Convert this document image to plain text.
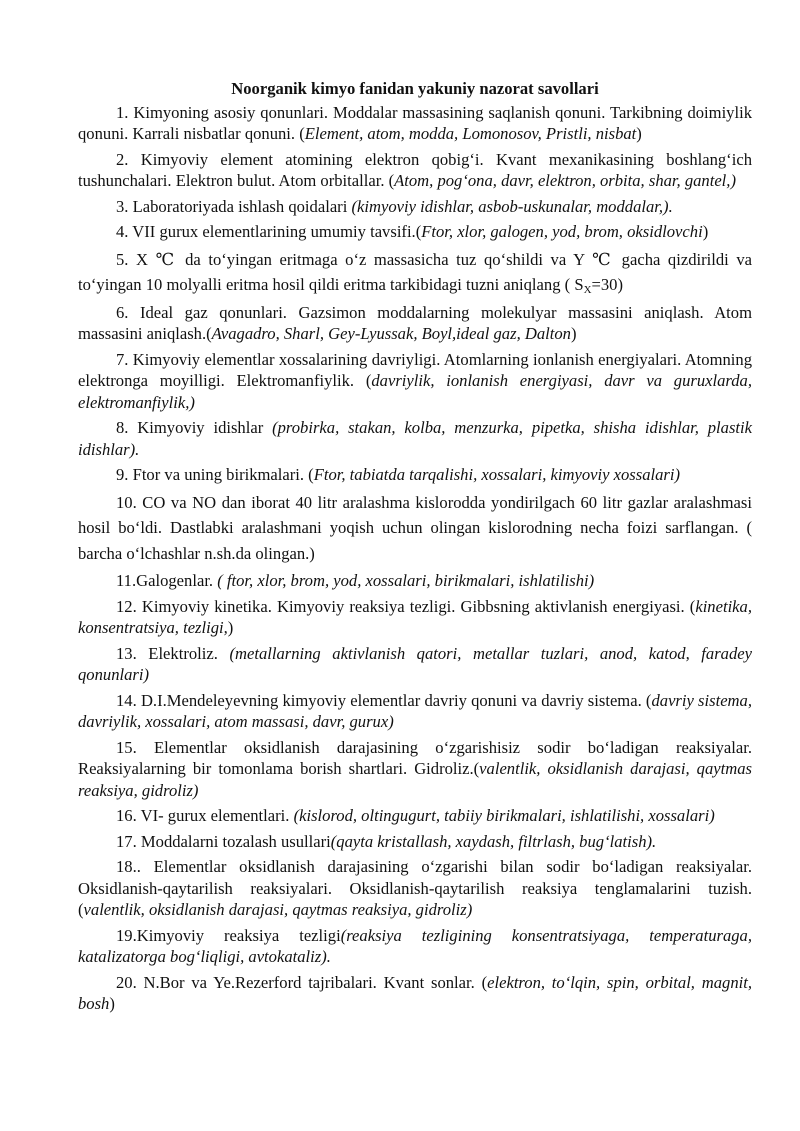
Noorganik kimyo fanidan yakuniy nazorat savollari

1. Kimyoning asosiy qonunlari. Moddalar massasining saqlanish qonuni. Tarkibning doimiylik qonuni. Karrali nisbatlar qonuni. (Element, atom, modda, Lomonosov, Pristli, nisbat)

2. Kimyoviy element atomining elektron qobig‘i. Kvant mexanikasining boshlang‘ich tushunchalari. Elektron bulut. Atom orbitallar. (Atom, pog‘ona, davr, elektron, orbita, shar, gantel,)

3. Laboratoriyada ishlash qoidalari (kimyoviy idishlar, asbob-uskunalar, moddalar,).

4. VII gurux elementlarining umumiy tavsifi.(Ftor, xlor, galogen, yod, brom, oksidlovchi)

5. X ℃ da to‘yingan eritmaga o‘z massasicha tuz qo‘shildi va Y ℃ gacha qizdirildi va to‘yingan 10 molyalli eritma hosil qildi eritma tarkibidagi tuzni aniqlang ( $S_X=30$)

6. Ideal gaz qonunlari. Gazsimon moddalarning molekulyar massasini aniqlash. Atom massasini aniqlash.(Avagadro, Sharl, Gey-Lyussak, Boyl,ideal gaz, Dalton)

7. Kimyoviy elementlar xossalarining davriyligi. Atomlarning ionlanish energiyalari. Atomning elektronga moyilligi. Elektromanfiylik. (davriylik, ionlanish energiyasi, davr va guruxlarda, elektromanfiylik,)

8. Kimyoviy idishlar (probirka, stakan, kolba, menzurka, pipetka, shisha idishlar, plastik idishlar).

9. Ftor va uning birikmalari. (Ftor, tabiatda tarqalishi, xossalari, kimyoviy xossalari)

10. CO va NO dan iborat 40 litr aralashma kislorodda yondirilgach 60 litr gazlar aralashmasi hosil bo‘ldi. Dastlabki aralashmani yoqish uchun olingan kislorodning necha foizi sarflangan. ( barcha o‘lchashlar n.sh.da olingan.)

11.Galogenlar. ( ftor, xlor, brom, yod, xossalari, birikmalari, ishlatilishi)

12. Kimyoviy kinetika. Kimyoviy reaksiya tezligi. Gibbsning aktivlanish energiyasi. (kinetika, konsentratsiya, tezligi,)

13. Elektroliz. (metallarning aktivlanish qatori, metallar tuzlari, anod, katod, faradey qonunlari)

14. D.I.Mendeleyevning kimyoviy elementlar davriy qonuni va davriy sistema. (davriy sistema, davriylik, xossalari, atom massasi, davr, gurux)

15. Elementlar oksidlanish darajasining o‘zgarishisiz sodir bo‘ladigan reaksiyalar. Reaksiyalarning bir tomonlama borish shartlari. Gidroliz.(valentlik, oksidlanish darajasi, qaytmas reaksiya, gidroliz)

16. VI- gurux elementlari. (kislorod, oltingugurt, tabiiy birikmalari, ishlatilishi, xossalari)

17. Moddalarni tozalash usullari(qayta kristallash, xaydash, filtrlash, bug‘latish).

18.. Elementlar oksidlanish darajasining o‘zgarishi bilan sodir bo‘ladigan reaksiyalar. Oksidlanish-qaytarilish reaksiyalari. Oksidlanish-qaytarilish reaksiya tenglamalarini tuzish. (valentlik, oksidlanish darajasi, qaytmas reaksiya, gidroliz)

19.Kimyoviy reaksiya tezligi(reaksiya tezligining konsentratsiyaga, temperaturaga, katalizatorga bog‘liqligi, avtokataliz).

20. N.Bor va Ye.Rezerford tajribalari. Kvant sonlar. (elektron, to‘lqin, spin, orbital, magnit, bosh)
